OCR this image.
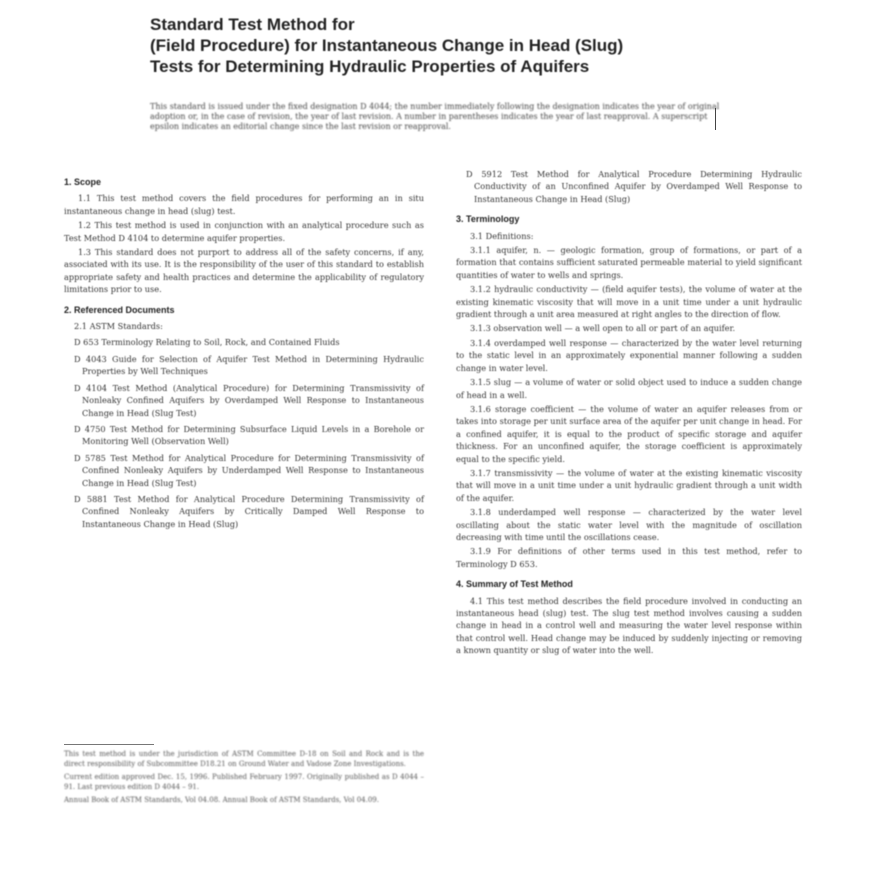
Standard Test Method for
(Field Procedure) for Instantaneous Change in Head (Slug)
Tests for Determining Hydraulic Properties of Aquifers
This standard is issued under the fixed designation D 4044; the number immediately following the designation indicates the year of original adoption or, in the case of revision, the year of last revision. A number in parentheses indicates the year of last reapproval. A superscript epsilon indicates an editorial change since the last revision or reapproval.
1. Scope

1.1 This test method covers the field procedures for performing an in situ instantaneous change in head (slug) test.

1.2 This test method is used in conjunction with an analytical procedure such as Test Method D 4104 to determine aquifer properties.

1.3 This standard does not purport to address all of the safety concerns, if any, associated with its use. It is the responsibility of the user of this standard to establish appropriate safety and health practices and determine the applicability of regulatory limitations prior to use.

2. Referenced Documents

2.1 ASTM Standards:

D 653 Terminology Relating to Soil, Rock, and Contained Fluids

D 4043 Guide for Selection of Aquifer Test Method in Determining Hydraulic Properties by Well Techniques

D 4104 Test Method (Analytical Procedure) for Determining Transmissivity of Nonleaky Confined Aquifers by Overdamped Well Response to Instantaneous Change in Head (Slug Test)

D 4750 Test Method for Determining Subsurface Liquid Levels in a Borehole or Monitoring Well (Observation Well)

D 5785 Test Method for Analytical Procedure for Determining Transmissivity of Confined Nonleaky Aquifers by Underdamped Well Response to Instantaneous Change in Head (Slug Test)

D 5881 Test Method for Analytical Procedure Determining Transmissivity of Confined Nonleaky Aquifers by Critically Damped Well Response to Instantaneous Change in Head (Slug)

This test method is under the jurisdiction of ASTM Committee D-18 on Soil and Rock and is the direct responsibility of Subcommittee D18.21 on Ground Water and Vadose Zone Investigations.

Current edition approved Dec. 15, 1996. Published February 1997. Originally published as D 4044 – 91. Last previous edition D 4044 – 91.

Annual Book of ASTM Standards, Vol 04.08. Annual Book of ASTM Standards, Vol 04.09.

D 5912 Test Method for Analytical Procedure Determining Hydraulic Conductivity of an Unconfined Aquifer by Overdamped Well Response to Instantaneous Change in Head (Slug)

3. Terminology

3.1 Definitions:

3.1.1 aquifer, n. — geologic formation, group of formations, or part of a formation that contains sufficient saturated permeable material to yield significant quantities of water to wells and springs.

3.1.2 hydraulic conductivity — (field aquifer tests), the volume of water at the existing kinematic viscosity that will move in a unit time under a unit hydraulic gradient through a unit area measured at right angles to the direction of flow.

3.1.3 observation well — a well open to all or part of an aquifer.

3.1.4 overdamped well response — characterized by the water level returning to the static level in an approximately exponential manner following a sudden change in water level.

3.1.5 slug — a volume of water or solid object used to induce a sudden change of head in a well.

3.1.6 storage coefficient — the volume of water an aquifer releases from or takes into storage per unit surface area of the aquifer per unit change in head. For a confined aquifer, it is equal to the product of specific storage and aquifer thickness. For an unconfined aquifer, the storage coefficient is approximately equal to the specific yield.

3.1.7 transmissivity — the volume of water at the existing kinematic viscosity that will move in a unit time under a unit hydraulic gradient through a unit width of the aquifer.

3.1.8 underdamped well response — characterized by the water level oscillating about the static water level with the magnitude of oscillation decreasing with time until the oscillations cease.

3.1.9 For definitions of other terms used in this test method, refer to Terminology D 653.

4. Summary of Test Method

4.1 This test method describes the field procedure involved in conducting an instantaneous head (slug) test. The slug test method involves causing a sudden change in head in a control well and measuring the water level response within that control well. Head change may be induced by suddenly injecting or removing a known quantity or slug of water into the well.
